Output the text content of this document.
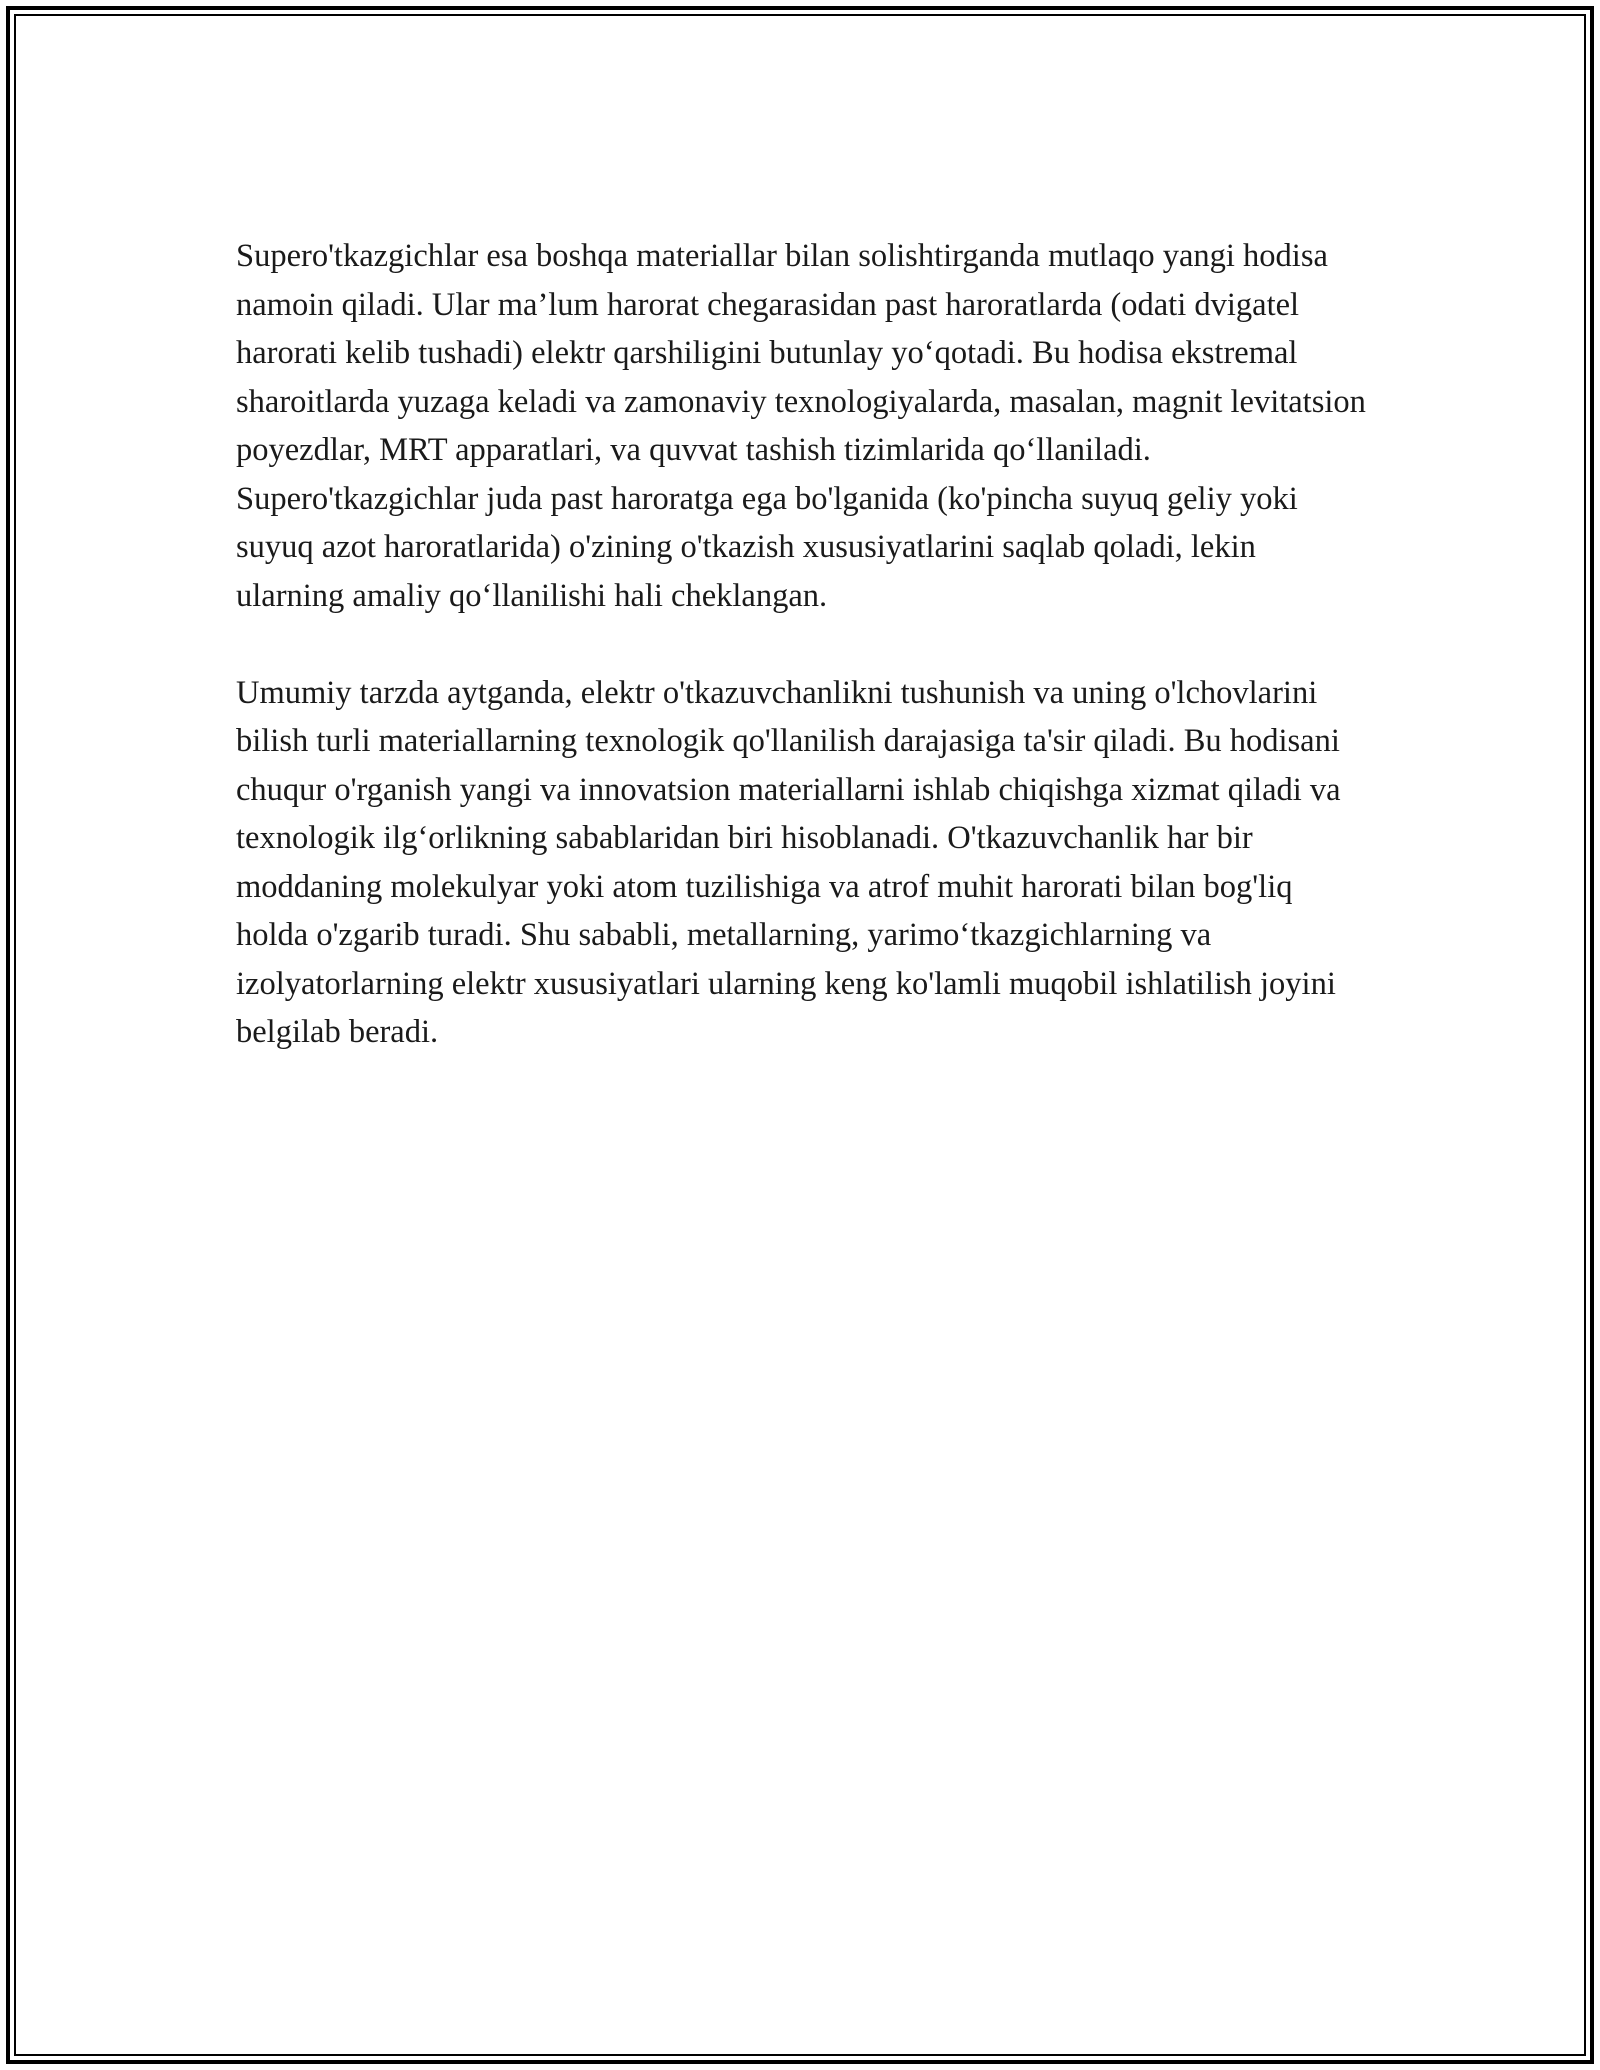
Supero'tkazgichlar esa boshqa materiallar bilan solishtirganda mutlaqo yangi hodisa namoin qiladi. Ular ma’lum harorat chegarasidan past haroratlarda (odati dvigatel harorati kelib tushadi) elektr qarshiligini butunlay yo‘qotadi. Bu hodisa ekstremal sharoitlarda yuzaga keladi va zamonaviy texnologiyalarda, masalan, magnit levitatsion poyezdlar, MRT apparatlari, va quvvat tashish tizimlarida qo‘llaniladi. Supero'tkazgichlar juda past haroratga ega bo'lganida (ko'pincha suyuq geliy yoki suyuq azot haroratlarida) o'zining o'tkazish xususiyatlarini saqlab qoladi, lekin ularning amaliy qo‘llanilishi hali cheklangan.

Umumiy tarzda aytganda, elektr o'tkazuvchanlikni tushunish va uning o'lchovlarini bilish turli materiallarning texnologik qo'llanilish darajasiga ta'sir qiladi. Bu hodisani chuqur o'rganish yangi va innovatsion materiallarni ishlab chiqishga xizmat qiladi va texnologik ilg‘orlikning sabablaridan biri hisoblanadi. O'tkazuvchanlik har bir moddaning molekulyar yoki atom tuzilishiga va atrof muhit harorati bilan bog'liq holda o'zgarib turadi. Shu sababli, metallarning, yarimo‘tkazgichlarning va izolyatorlarning elektr xususiyatlari ularning keng ko'lamli muqobil ishlatilish joyini belgilab beradi.
